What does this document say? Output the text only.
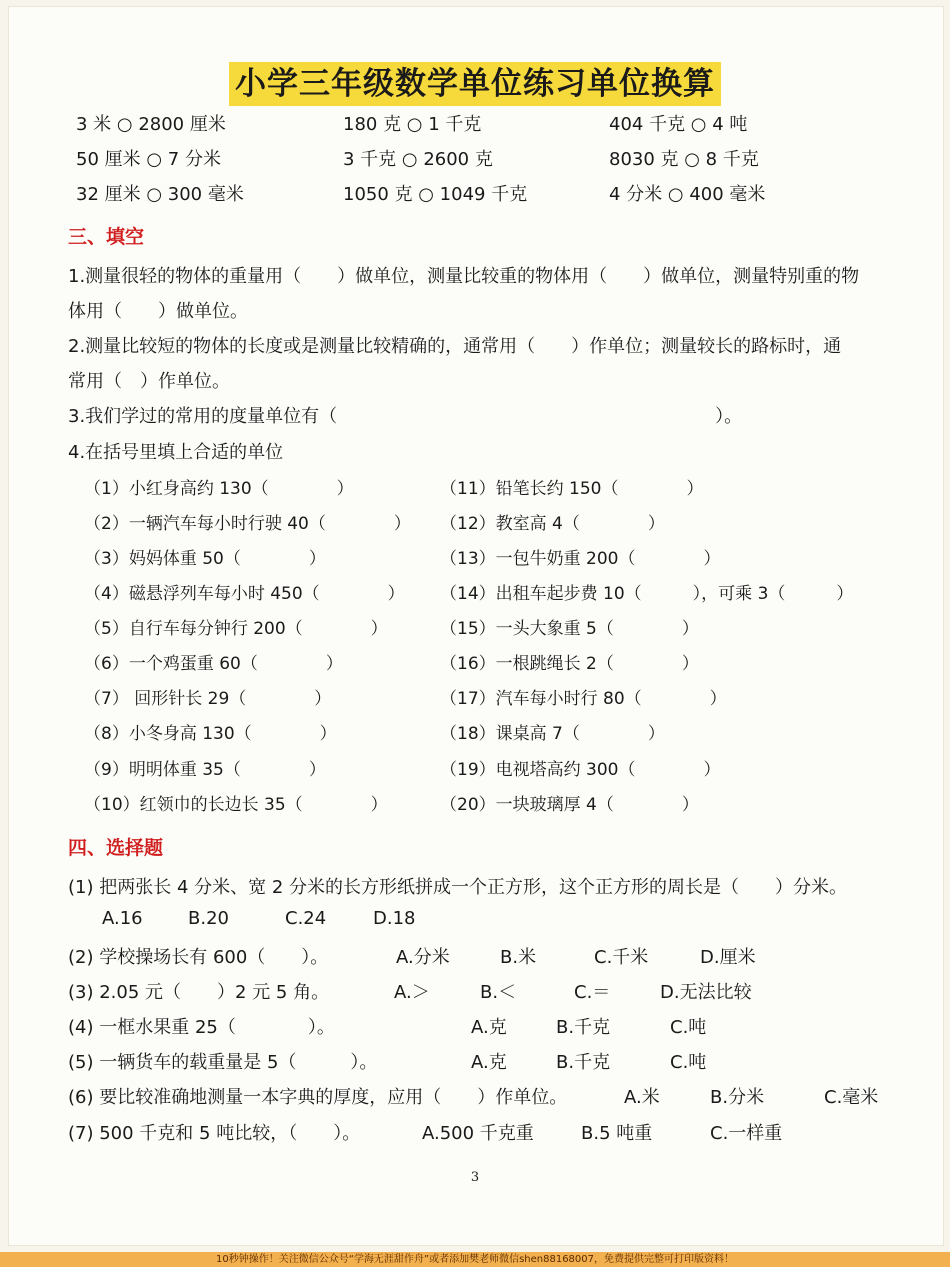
小学三年级数学单位练习单位换算
3 米 ○ 2800 厘米	180 克 ○ 1 千克	404 千克 ○ 4 吨
50 厘米 ○ 7 分米	3 千克 ○ 2600 克	8030 克 ○ 8 千克
32 厘米 ○ 300 毫米	1050 克 ○ 1049 千克	4 分米 ○ 400 毫米
三、填空
1.测量很轻的物体的重量用（　　）做单位，测量比较重的物体用（　　）做单位，测量特别重的物
体用（　　）做单位。
2.测量比较短的物体的长度或是测量比较精确的，通常用（　　）作单位；测量较长的路标时，通
常用（　）作单位。
3.我们学过的常用的度量单位有（　　　　　　　　　　　　　　　　　　　　　）。
4.在括号里填上合适的单位
（1）小红身高约 130（　　　　）
（2）一辆汽车每小时行驶 40（　　　　）
（3）妈妈体重 50（　　　　）
（4）磁悬浮列车每小时 450（　　　　）
（5）自行车每分钟行 200（　　　　）
（6）一个鸡蛋重 60（　　　　）
（7） 回形针长 29（　　　　）
（8）小冬身高 130（　　　　）
（9）明明体重 35（　　　　）
（10）红领巾的长边长 35（　　　　）
（11）铅笔长约 150（　　　　）
（12）教室高 4（　　　　）
（13）一包牛奶重 200（　　　　）
（14）出租车起步费 10（　　　），可乘 3（　　　）
（15）一头大象重 5（　　　　）
（16）一根跳绳长 2（　　　　）
（17）汽车每小时行 80（　　　　）
（18）课桌高 7（　　　　）
（19）电视塔高约 300（　　　　）
（20）一块玻璃厚 4（　　　　）
四、选择题
(1) 把两张长 4 分米、宽 2 分米的长方形纸拼成一个正方形，这个正方形的周长是（　　）分米。
A.16	B.20	C.24	D.18
(2) 学校操场长有 600（　　）。	A.分米	B.米	C.千米	D.厘米
(3) 2.05 元（　　）2 元 5 角。	A.＞	B.＜	C.＝	D.无法比较
(4) 一框水果重 25（　　　　）。	A.克	B.千克	C.吨
(5) 一辆货车的载重量是 5（　　　）。	A.克	B.千克	C.吨
(6) 要比较准确地测量一本字典的厚度，应用（　　）作单位。	A.米	B.分米	C.毫米
(7) 500 千克和 5 吨比较，（　　）。	A.500 千克重	B.5 吨重	C.一样重
3
10秒钟操作！关注微信公众号“学海无涯甜作舟”或者添加樊老师微信shen88168007，免费提供完整可打印版资料！
